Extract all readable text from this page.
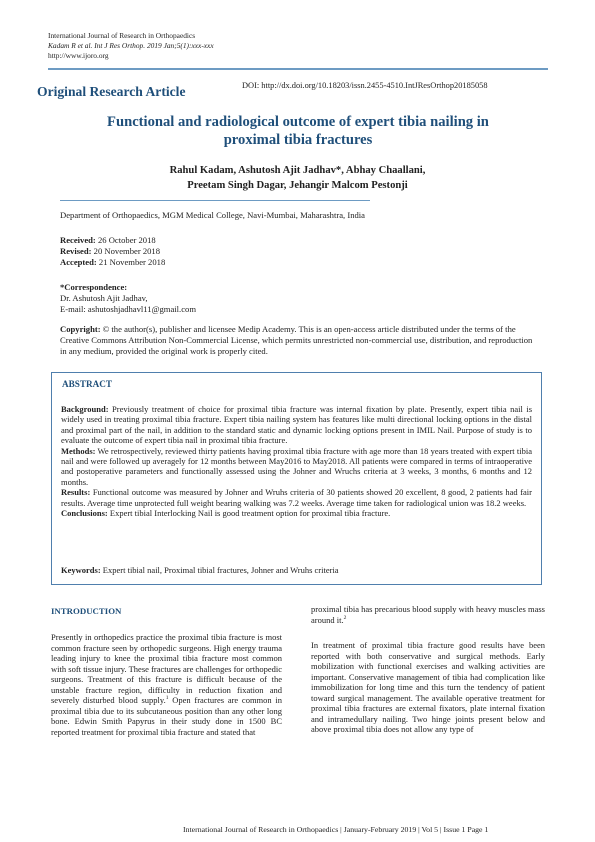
International Journal of Research in Orthopaedics
Kadam R et al. Int J Res Orthop. 2019 Jan;5(1):xxx-xxx
http://www.ijoro.org
DOI: http://dx.doi.org/10.18203/issn.2455-4510.IntJResOrthop20185058
Original Research Article
Functional and radiological outcome of expert tibia nailing in
proximal tibia fractures
Rahul Kadam, Ashutosh Ajit Jadhav*, Abhay Chaallani,
Preetam Singh Dagar, Jehangir Malcom Pestonji
Department of Orthopaedics, MGM Medical College, Navi-Mumbai, Maharashtra, India
Received: 26 October 2018
Revised: 20 November 2018
Accepted: 21 November 2018
*Correspondence:
Dr. Ashutosh Ajit Jadhav,
E-mail: ashutoshjadhavl11@gmail.com
Copyright: © the author(s), publisher and licensee Medip Academy. This is an open-access article distributed under the terms of the Creative Commons Attribution Non-Commercial License, which permits unrestricted non-commercial use, distribution, and reproduction in any medium, provided the original work is properly cited.
ABSTRACT

Background: Previously treatment of choice for proximal tibia fracture was internal fixation by plate. Presently, expert tibia nail is widely used in treating proximal tibia fracture. Expert tibia nailing system has features like multi directional locking options in the distal and proximal part of the nail, in addition to the standard static and dynamic locking options present in IMIL Nail. Purpose of study is to evaluate the outcome of expert tibia nail in proximal tibia fracture.

Methods: We retrospectively, reviewed thirty patients having proximal tibia fracture with age more than 18 years treated with expert tibia nail and were followed up averagely for 12 months between May2016 to May2018. All patients were compared in terms of intraoperative and postoperative parameters and functionally assessed using the Johner and Wruchs criteria at 3 weeks, 3 months, 6 months and 12 months.

Results: Functional outcome was measured by Johner and Wruhs criteria of 30 patients showed 20 excellent, 8 good, 2 patients had fair results. Average time unprotected full weight bearing walking was 7.2 weeks. Average time taken for radiological union was 18.2 weeks.

Conclusions: Expert tibial Interlocking Nail is good treatment option for proximal tibia fracture.

Keywords: Expert tibial nail, Proximal tibial fractures, Johner and Wruhs criteria
INTRODUCTION

Presently in orthopedics practice the proximal tibia fracture is most common fracture seen by orthopedic surgeons. High energy trauma leading injury to knee the proximal tibia fracture most common with soft tissue injury. These fractures are challenges for orthopedic surgeons. Treatment of this fracture is difficult because of the unstable fracture region, difficulty in reduction fixation and severely disturbed blood supply.$^1$ Open fractures are common in proximal tibia due to its subcutaneous position than any other long bone. Edwin Smith Papyrus in their study done in 1500 BC reported treatment for proximal tibia fracture and stated that

proximal tibia has precarious blood supply with heavy muscles mass around it.$^2$

In treatment of proximal tibia fracture good results have been reported with both conservative and surgical methods. Early mobilization with functional exercises and walking activities are important. Conservative management of tibia had complication like immobilization for long time and this turn the tendency of patient toward surgical management. The available operative treatment for proximal tibia fractures are external fixators, plate internal fixation and intramedullary nailing. Two hinge joints present below and above proximal tibia does not allow any type of

International Journal of Research in Orthopaedics | January-February 2019 | Vol 5 | Issue 1 Page 1
